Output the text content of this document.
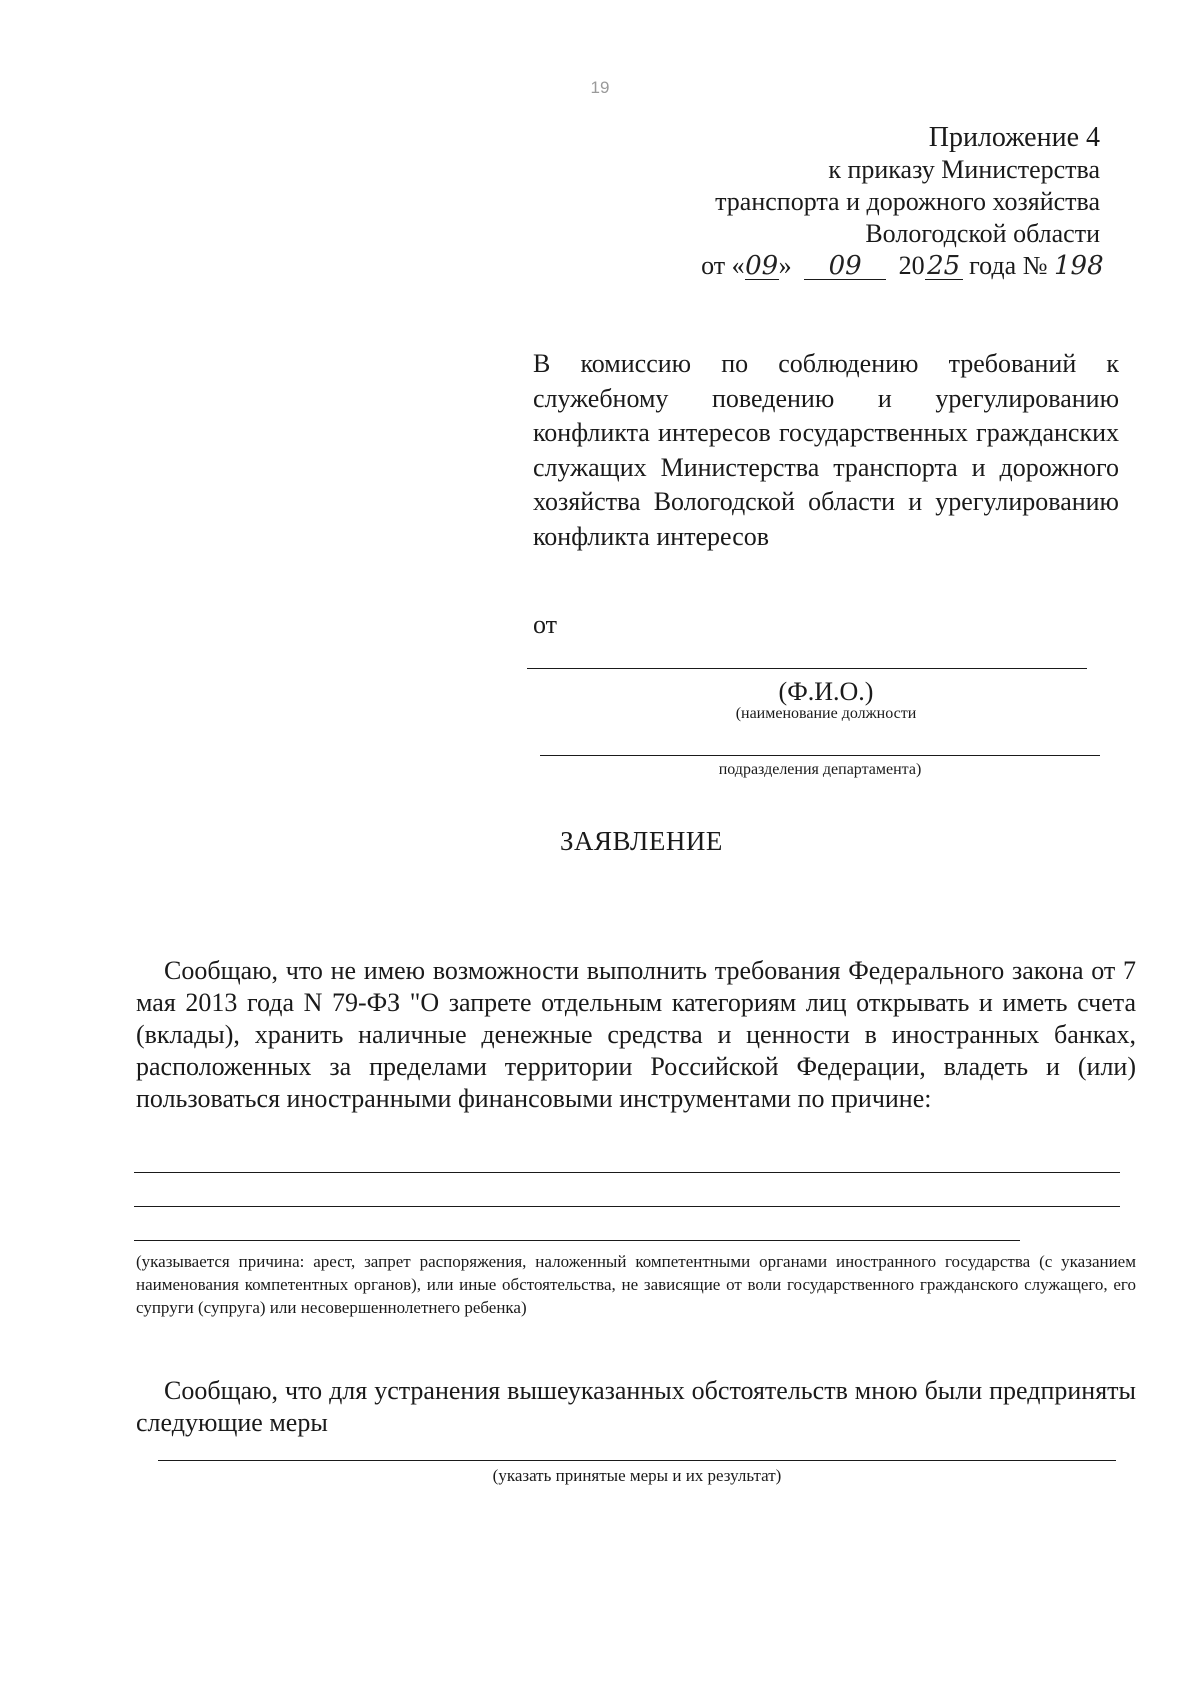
19
Приложение 4
к приказу Министерства
транспорта и дорожного хозяйства
Вологодской области
от «09» 09 2025 года № 198
В комиссию по соблюдению требований к служебному поведению и урегулированию конфликта интересов государственных гражданских служащих Министерства транспорта и дорожного хозяйства Вологодской области и урегулированию конфликта интересов
от
(Ф.И.О.)
(наименование должности
подразделения департамента)
ЗАЯВЛЕНИЕ
Сообщаю, что не имею возможности выполнить требования Федерального закона от 7 мая 2013 года N 79-ФЗ "О запрете отдельным категориям лиц открывать и иметь счета (вклады), хранить наличные денежные средства и ценности в иностранных банках, расположенных за пределами территории Российской Федерации, владеть и (или) пользоваться иностранными финансовыми инструментами по причине:
(указывается причина: арест, запрет распоряжения, наложенный компетентными органами иностранного государства (с указанием наименования компетентных органов), или иные обстоятельства, не зависящие от воли государственного гражданского служащего, его супруги (супруга) или несовершеннолетнего ребенка)
Сообщаю, что для устранения вышеуказанных обстоятельств мною были предприняты следующие меры
(указать принятые меры и их результат)
